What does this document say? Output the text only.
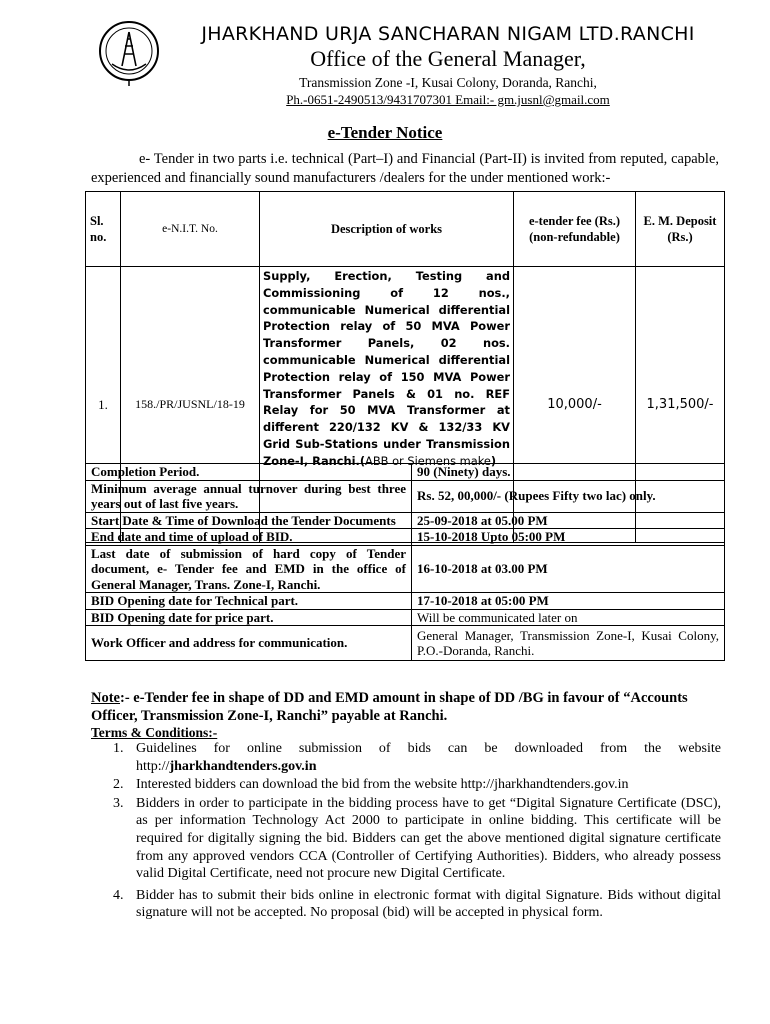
JHARKHAND URJA SANCHARAN NIGAM LTD.RANCHI
Office of the General Manager,
Transmission Zone -I, Kusai Colony, Doranda, Ranchi,
Ph.-0651-2490513/9431707301 Email:- gm.jusnl@gmail.com
e-Tender Notice
e- Tender in two parts i.e. technical (Part–I) and Financial (Part-II) is invited from reputed, capable, experienced and financially sound manufacturers /dealers for the under mentioned work:-
Sl. no.	e-N.I.T. No.	Description of works	e-tender fee (Rs.) (non-refundable)	E. M. Deposit (Rs.)
1.	158./PR/JUSNL/18-19	Supply, Erection, Testing and Commissioning of 12 nos., communicable Numerical differential Protection relay of 50 MVA Power Transformer Panels, 02 nos. communicable Numerical differential Protection relay of 150 MVA Power Transformer Panels & 01 no. REF Relay for 50 MVA Transformer at different 220/132 KV & 132/33 KV Grid Sub-Stations under Transmission Zone-I, Ranchi.(ABB or Siemens make)	10,000/-	1,31,500/-
Completion Period.	90 (Ninety) days.
Minimum average annual turnover during best three years out of last five years.	Rs. 52, 00,000/- (Rupees Fifty two lac) only.
Start Date & Time of Download the Tender Documents	25-09-2018 at 05.00 PM
End date and time of upload of BID.	15-10-2018 Upto 05:00 PM
Last date of submission of hard copy of Tender document, e- Tender fee and EMD in the office of General Manager, Trans. Zone-I, Ranchi.	16-10-2018 at 03.00 PM
BID Opening date for Technical part.	17-10-2018 at 05:00 PM
BID Opening date for price part.	Will be communicated later on
Work Officer and address for communication.	General Manager, Transmission Zone-I, Kusai Colony, P.O.-Doranda, Ranchi.
Note:- e-Tender fee in shape of DD and EMD amount in shape of DD /BG in favour of “Accounts Officer, Transmission Zone-I, Ranchi” payable at Ranchi.
Terms & Conditions:-
1. Guidelines for online submission of bids can be downloaded from the website http://jharkhandtenders.gov.in
2. Interested bidders can download the bid from the website http://jharkhandtenders.gov.in
3. Bidders in order to participate in the bidding process have to get “Digital Signature Certificate (DSC), as per information Technology Act 2000 to participate in online bidding. This certificate will be required for digitally signing the bid. Bidders can get the above mentioned digital signature certificate from any approved vendors CCA (Controller of Certifying Authorities). Bidders, who already possess valid Digital Certificate, need not procure new Digital Certificate.
4. Bidder has to submit their bids online in electronic format with digital Signature. Bids without digital signature will not be accepted. No proposal (bid) will be accepted in physical form.
